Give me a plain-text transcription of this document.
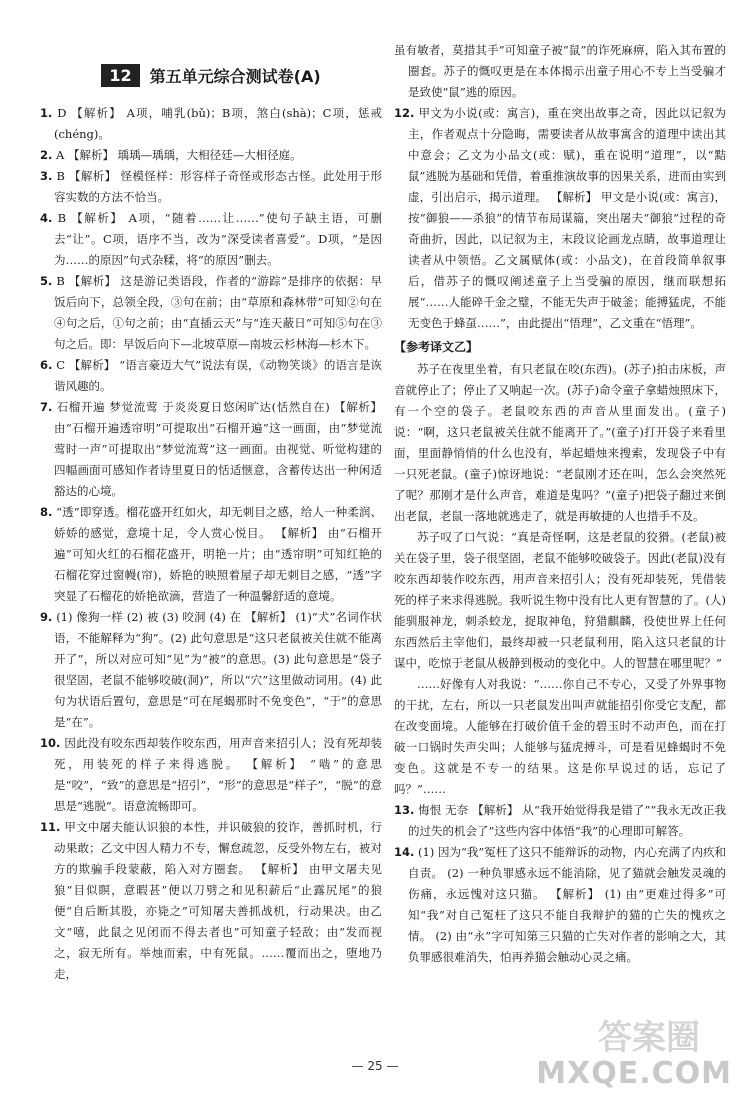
12	第五单元综合测试卷(A)

1. D 【解析】 A项，哺乳(bǔ)；B项，煞白(shà)；C项，惩戒(chéng)。

2. A 【解析】 瑀瑀—瑀瑀，大相径廷—大相径庭。

3. B 【解析】 怪模怪样：形容样子奇怪或形态古怪。此处用于形容实数的方法不恰当。

4. B 【解析】 A项，“随着……让……”使句子缺主语，可删去“让”。C项，语序不当，改为“深受读者喜爱”。D项，“是因为……的原因”句式杂糅，将“的原因”删去。

5. B 【解析】 这是游记类语段，作者的“游踪”是排序的依据：早饭后向下，总领全段，③句在前；由“草原和森林带”可知②句在④句之后，①句之前；由“直插云天”与“连天蔽日”可知⑤句在③句之后。即：早饭后向下—北坡草原—南坡云杉林海—杉木下。

6. C 【解析】 “语言豪迈大气”说法有误，《动物笑谈》的语言是诙谐风趣的。

7. 石榴开遍 梦觉流莺 于炎炎夏日悠闲旷达(恬然自在) 【解析】 由“石榴开遍透帘明”可提取出“石榴开遍”这一画面，由“梦觉流莺时一声”可提取出“梦觉流莺”这一画面。由视觉、听觉构建的四幅画面可感知作者诗里夏日的恬适惬意，含蓄传达出一种闲适豁达的心境。

8. “透”即穿透。榴花盛开红如火，却无刺目之感，给人一种柔润、娇娇的感觉，意境十足，令人赏心悦目。 【解析】 由“石榴开遍”可知火红的石榴花盛开，明艳一片；由“透帘明”可知红艳的石榴花穿过窗幔(帘)，娇艳的映照着屋子却无刺目之感，“透”字突显了石榴花的娇艳欲滴，营造了一种温馨舒适的意境。

9. (1) 像狗一样 (2) 被 (3) 咬洞 (4) 在 【解析】 (1)“犬”名词作状语，不能解释为“狗”。(2) 此句意思是“这只老鼠被关住就不能离开了”，所以对应可知“见”为“被”的意思。(3) 此句意思是“袋子很坚固，老鼠不能够咬破(洞)”，所以“穴”这里做动词用。(4) 此句为状语后置句，意思是“可在尾蝎那时不免变色”，“于”的意思是“在”。

10. 因此没有咬东西却装作咬东西，用声音来招引人；没有死却装死，用装死的样子来得逃脱。 【解析】 “啮”的意思是“咬”，“致”的意思是“招引”，“形”的意思是“样子”，“脱”的意思是“逃脱”。语意流畅即可。

11. 甲文中屠夫能认识狼的本性，并识破狼的狡诈，善抓时机，行动果敢；乙文中因人精力不专，懈怠疏忽，反受外物左右，被对方的欺骗手段蒙蔽，陷入对方圈套。 【解析】 由甲文屠夫见狼“目似瞑，意暇甚”便以刀劈之和见积薪后“止露尻尾”的狼便“自后断其股，亦毙之”可知屠夫善抓战机，行动果决。由乙文“嘻，此鼠之见闭而不得去者也”可知童子轻敌；由“发而视之，寂无所有。举烛而索，中有死鼠。……覆而出之，堕地乃走，

虽有敏者，莫措其手”可知童子被“鼠”的诈死麻痹，陷入其布置的圈套。苏子的慨叹更是在本体揭示出童子用心不专上当受骗才是致使“鼠”逃的原因。

12. 甲文为小说(或：寓言)，重在突出故事之奇，因此以记叙为主，作者观点十分隐晦，需要读者从故事寓含的道理中读出其中意会；乙文为小品文(或：赋)，重在说明“道理”，以“黠鼠”逃脱为基础和凭借，着重推演故事的因果关系，进而由实到虚，引出启示，揭示道理。 【解析】 甲文是小说(或：寓言)，按“御狼——杀狼”的情节布局谋篇，突出屠夫“御狼”过程的奇奇曲折，因此，以记叙为主，末段议论画龙点睛，故事道理让读者从中领悟。乙文属赋体(或：小品文)，在首段简单叙事后，借苏子的慨叹阐述童子上当受骗的原因，继而联想拓展“……人能碎千金之璧，不能无失声于破釜；能搏猛虎，不能无变色于蜂虿……”，由此提出“悟理”，乙文重在“悟理”。

【参考译文乙】

苏子在夜里坐着，有只老鼠在咬(东西)。(苏子)拍击床板，声音就停止了；停止了又响起一次。(苏子)命令童子拿蜡烛照床下，有一个空的袋子。老鼠咬东西的声音从里面发出。(童子)说：“啊，这只老鼠被关住就不能离开了。”(童子)打开袋子来看里面，里面静悄悄的什么也没有，举起蜡烛来搜索，发现袋子中有一只死老鼠。(童子)惊讶地说：“老鼠刚才还在叫，怎么会突然死了呢？那刚才是什么声音，难道是鬼吗？”(童子)把袋子翻过来倒出老鼠，老鼠一落地就逃走了，就是再敏捷的人也措手不及。

苏子叹了口气说：“真是奇怪啊，这是老鼠的狡猾。(老鼠)被关在袋子里，袋子很坚固，老鼠不能够咬破袋子。因此(老鼠)没有咬东西却装作咬东西，用声音来招引人；没有死却装死，凭借装死的样子来求得逃脱。我听说生物中没有比人更有智慧的了。(人)能驯服神龙，刺杀蛟龙，捉取神龟，狩猎麒麟，役使世界上任何东西然后主宰他们，最终却被一只老鼠利用，陷入这只老鼠的计谋中，吃惊于老鼠从极静到极动的变化中。人的智慧在哪里呢？”

……好像有人对我说：“……你自己不专心，又受了外界事物的干扰，左右，所以一只老鼠发出叫声就能招引你受它支配，都在改变面境。人能够在打破价值千金的碧玉时不动声色，而在打破一口锅时失声尖叫；人能够与猛虎搏斗，可是看见蜂蝎时不免变色。这就是不专一的结果。这是你早说过的话，忘记了吗？”……

13. 悔恨 无奈 【解析】 从“我开始觉得我是错了”“我永无改正我的过失的机会了”这些内容中体悟“我”的心理即可解答。

14. (1) 因为“我”冤枉了这只不能辩诉的动物，内心充满了内疚和自责。 (2) 一种负罪感永远不能消除，见了猫就会触发灵魂的伤痛，永远愧对这只猫。 【解析】 (1) 由“更难过得多”可知“我”对自己冤枉了这只不能自我辩护的猫的亡失的愧疚之情。 (2) 由“永”字可知第三只猫的亡失对作者的影响之大，其负罪感很难消失，怕再养猫会触动心灵之痛。

— 25 —
答案圈
MXQE.COM
